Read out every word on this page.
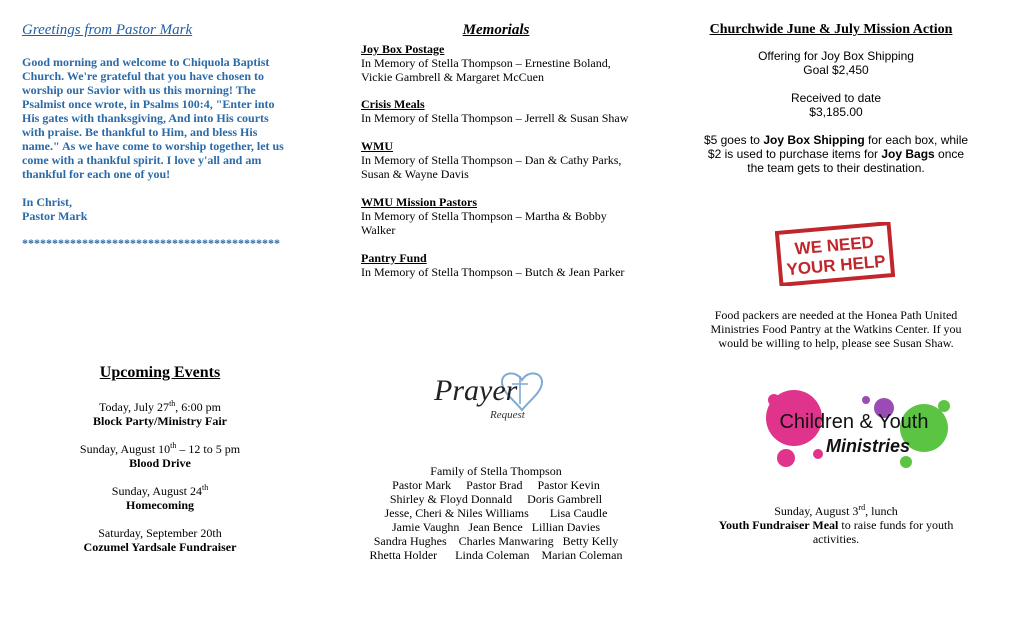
Greetings from Pastor Mark

Good morning and welcome to Chiquola Baptist Church. We're grateful that you have chosen to worship our Savior with us this morning! The Psalmist once wrote, in Psalms 100:4, "Enter into His gates with thanksgiving, And into His courts with praise. Be thankful to Him, and bless His name." As we have come to worship together, let us come with a thankful spirit. I love y'all and am thankful for each one of you!

In Christ,
Pastor Mark
*******************************************
Upcoming Events
Today, July 27th, 6:00 pm
Block Party/Ministry Fair
Sunday, August 10th – 12 to 5 pm
Blood Drive
Sunday, August 24th
Homecoming
Saturday, September 20th
Cozumel Yardsale Fundraiser
Memorials
Joy Box Postage
In Memory of Stella Thompson – Ernestine Boland, Vickie Gambrell & Margaret McCuen
Crisis Meals
In Memory of Stella Thompson – Jerrell & Susan Shaw
WMU
In Memory of Stella Thompson – Dan & Cathy Parks, Susan & Wayne Davis
WMU Mission Pastors
In Memory of Stella Thompson – Martha & Bobby Walker
Pantry Fund
In Memory of Stella Thompson – Butch & Jean Parker
Prayer
Request
Family of Stella Thompson
Pastor Mark     Pastor Brad     Pastor Kevin
Shirley & Floyd Donnald     Doris Gambrell
Jesse, Cheri & Niles Williams       Lisa Caudle
Jamie Vaughn   Jean Bence   Lillian Davies
Sandra Hughes    Charles Manwaring   Betty Kelly
Rhetta Holder      Linda Coleman    Marian Coleman
Churchwide June & July Mission Action
Offering for Joy Box Shipping
Goal $2,450
Received to date
$3,185.00
$5 goes to Joy Box Shipping for each box, while $2 is used to purchase items for Joy Bags once the team gets to their destination.
WE NEED
YOUR HELP
Food packers are needed at the Honea Path United Ministries Food Pantry at the Watkins Center. If you would be willing to help, please see Susan Shaw.
Children & Youth
Ministries
Sunday, August 3rd, lunch
Youth Fundraiser Meal to raise funds for youth activities.
